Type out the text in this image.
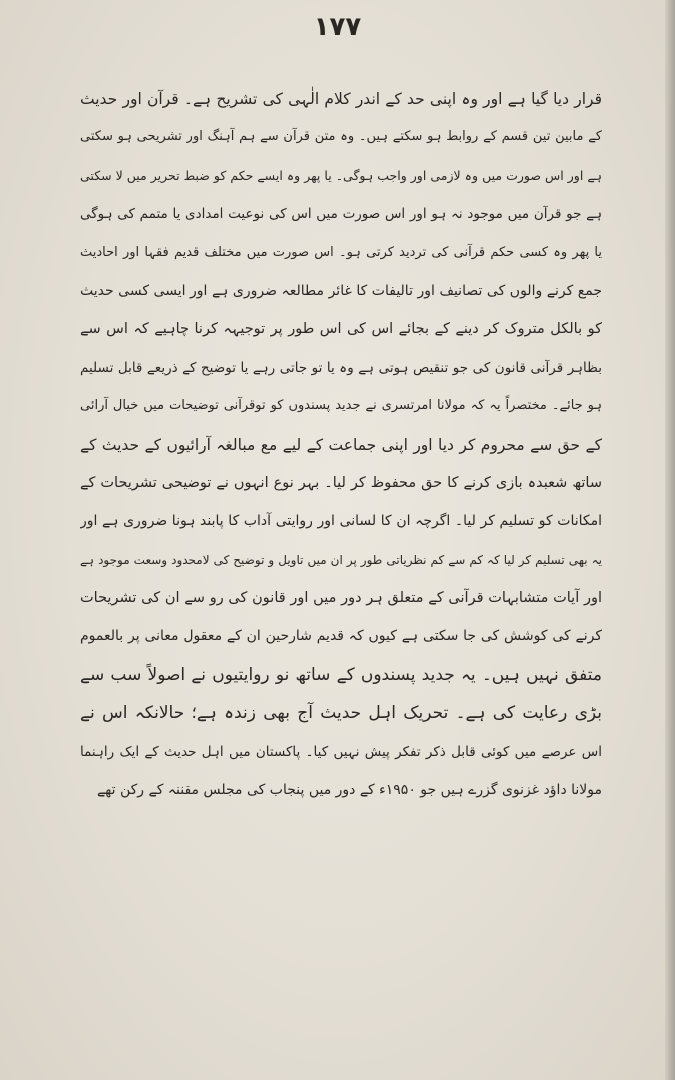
١٧٧
قرار دیا گیا ہے اور وہ اپنی حد کے اندر کلام الٰہی کی تشریح ہے۔ قرآن اور حدیث
کے مابین تین قسم کے روابط ہو سکتے ہیں۔ وہ متن قرآن سے ہم آہنگ اور تشریحی ہو سکتی
ہے اور اس صورت میں وہ لازمی اور واجب ہوگی۔ یا پھر وہ ایسے حکم کو ضبط تحریر میں لا سکتی
ہے جو قرآن میں موجود نہ ہو اور اس صورت میں اس کی نوعیت امدادی یا متمم کی ہوگی
یا پھر وہ کسی حکم قرآنی کی تردید کرتی ہو۔ اس صورت میں مختلف قدیم فقہا اور احادیث
جمع کرنے والوں کی تصانیف اور تالیفات کا غائر مطالعہ ضروری ہے اور ایسی کسی حدیث
کو بالکل متروک کر دینے کے بجائے اس کی اس طور پر توجیہہ کرنا چاہیے کہ اس سے
بظاہر قرآنی قانون کی جو تنقیص ہوتی ہے وہ یا تو جاتی رہے یا توضیح کے ذریعے قابل تسلیم
ہو جائے۔ مختصراً یہ کہ مولانا امرتسری نے جدید پسندوں کو توقرآنی توضیحات میں خیال آرائی
کے حق سے محروم کر دیا اور اپنی جماعت کے لیے مع مبالغہ آرائیوں کے حدیث کے
ساتھ شعبدہ بازی کرنے کا حق محفوظ کر لیا۔ بہر نوع انہوں نے توضیحی تشریحات کے
امکانات کو تسلیم کر لیا۔ اگرچہ ان کا لسانی اور روایتی آداب کا پابند ہونا ضروری ہے اور
یہ بھی تسلیم کر لیا کہ کم سے کم نظریاتی طور پر ان میں تاویل و توضیح کی لامحدود وسعت موجود ہے
اور آیات متشابہات قرآنی کے متعلق ہر دور میں اور قانون کی رو سے ان کی تشریحات
کرنے کی کوشش کی جا سکتی ہے کیوں کہ قدیم شارحین ان کے معقول معانی پر بالعموم
متفق نہیں ہیں۔ یہ جدید پسندوں کے ساتھ نو روایتیوں نے اصولاً سب سے
بڑی رعایت کی ہے۔ تحریک اہل حدیث آج بھی زندہ ہے؛ حالانکہ اس نے
اس عرصے میں کوئی قابل ذکر تفکر پیش نہیں کیا۔ پاکستان میں اہل حدیث کے ایک راہنما
مولانا داؤد غزنوی گزرے ہیں جو ۱۹۵۰ء کے دور میں پنجاب کی مجلس مقننہ کے رکن تھے
